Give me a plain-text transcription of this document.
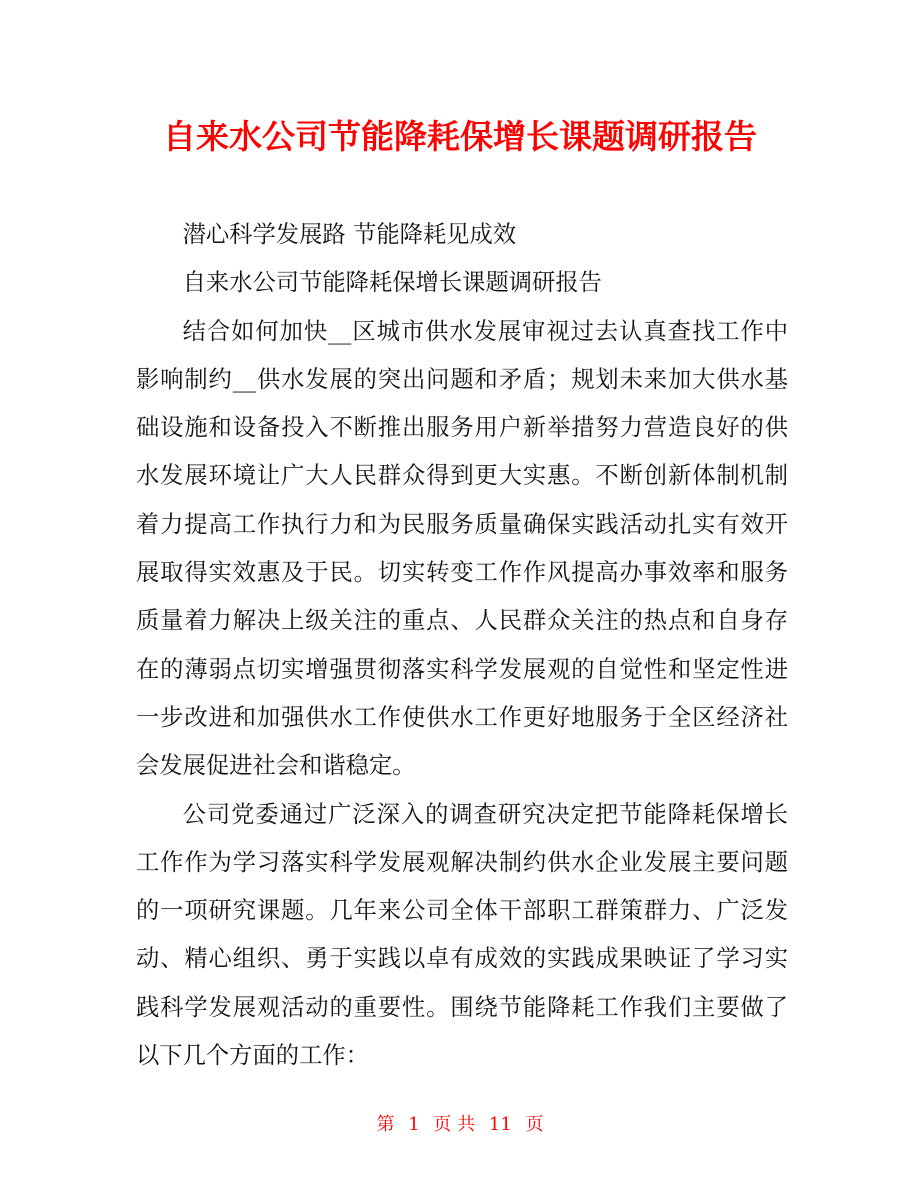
自来水公司节能降耗保增长课题调研报告

潜心科学发展路 节能降耗见成效

自来水公司节能降耗保增长课题调研报告

结合如何加快__区城市供水发展审视过去认真查找工作中影响制约__供水发展的突出问题和矛盾；规划未来加大供水基础设施和设备投入不断推出服务用户新举措努力营造良好的供水发展环境让广大人民群众得到更大实惠。不断创新体制机制着力提高工作执行力和为民服务质量确保实践活动扎实有效开展取得实效惠及于民。切实转变工作作风提高办事效率和服务质量着力解决上级关注的重点、人民群众关注的热点和自身存在的薄弱点切实增强贯彻落实科学发展观的自觉性和坚定性进一步改进和加强供水工作使供水工作更好地服务于全区经济社会发展促进社会和谐稳定。

公司党委通过广泛深入的调查研究决定把节能降耗保增长工作作为学习落实科学发展观解决制约供水企业发展主要问题的一项研究课题。几年来公司全体干部职工群策群力、广泛发动、精心组织、勇于实践以卓有成效的实践成果映证了学习实践科学发展观活动的重要性。围绕节能降耗工作我们主要做了以下几个方面的工作：

第 1 页 共 11 页
